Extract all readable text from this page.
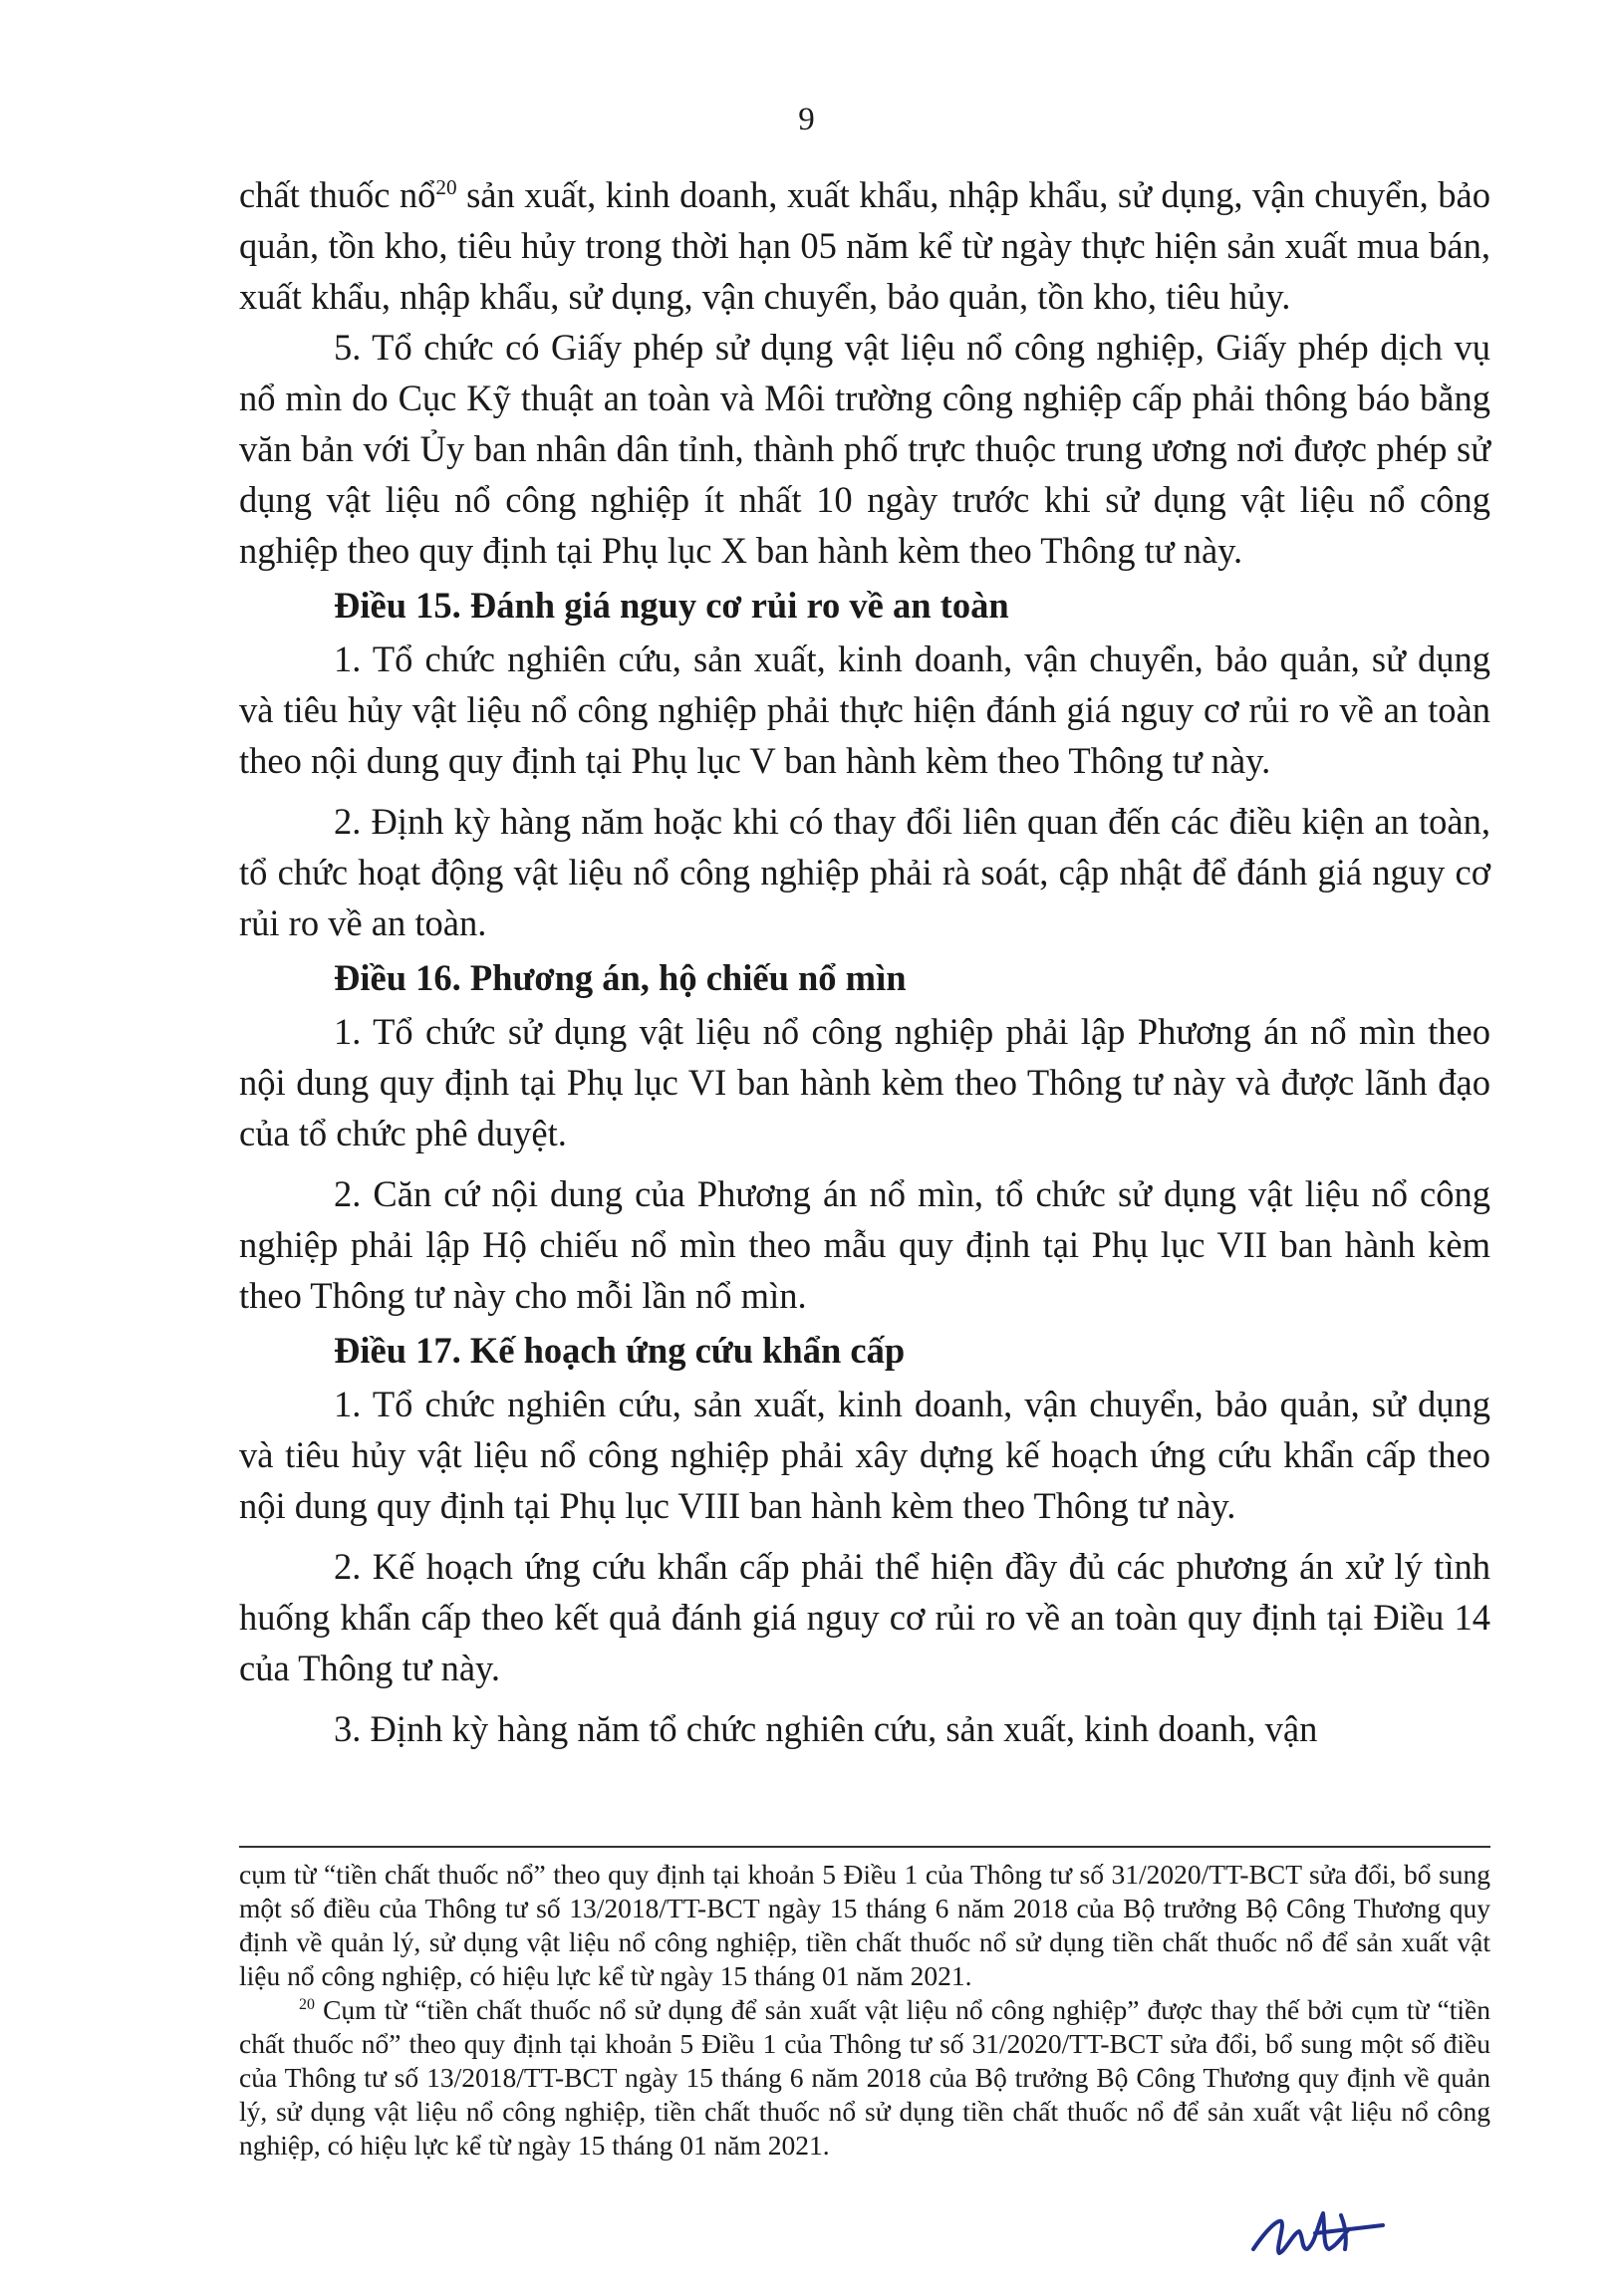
9

chất thuốc nổ$^{20}$ sản xuất, kinh doanh, xuất khẩu, nhập khẩu, sử dụng, vận chuyển, bảo quản, tồn kho, tiêu hủy trong thời hạn 05 năm kể từ ngày thực hiện sản xuất mua bán, xuất khẩu, nhập khẩu, sử dụng, vận chuyển, bảo quản, tồn kho, tiêu hủy.

5. Tổ chức có Giấy phép sử dụng vật liệu nổ công nghiệp, Giấy phép dịch vụ nổ mìn do Cục Kỹ thuật an toàn và Môi trường công nghiệp cấp phải thông báo bằng văn bản với Ủy ban nhân dân tỉnh, thành phố trực thuộc trung ương nơi được phép sử dụng vật liệu nổ công nghiệp ít nhất 10 ngày trước khi sử dụng vật liệu nổ công nghiệp theo quy định tại Phụ lục X ban hành kèm theo Thông tư này.

Điều 15. Đánh giá nguy cơ rủi ro về an toàn

1. Tổ chức nghiên cứu, sản xuất, kinh doanh, vận chuyển, bảo quản, sử dụng và tiêu hủy vật liệu nổ công nghiệp phải thực hiện đánh giá nguy cơ rủi ro về an toàn theo nội dung quy định tại Phụ lục V ban hành kèm theo Thông tư này.

2. Định kỳ hàng năm hoặc khi có thay đổi liên quan đến các điều kiện an toàn, tổ chức hoạt động vật liệu nổ công nghiệp phải rà soát, cập nhật để đánh giá nguy cơ rủi ro về an toàn.

Điều 16. Phương án, hộ chiếu nổ mìn

1. Tổ chức sử dụng vật liệu nổ công nghiệp phải lập Phương án nổ mìn theo nội dung quy định tại Phụ lục VI ban hành kèm theo Thông tư này và được lãnh đạo của tổ chức phê duyệt.

2. Căn cứ nội dung của Phương án nổ mìn, tổ chức sử dụng vật liệu nổ công nghiệp phải lập Hộ chiếu nổ mìn theo mẫu quy định tại Phụ lục VII ban hành kèm theo Thông tư này cho mỗi lần nổ mìn.

Điều 17. Kế hoạch ứng cứu khẩn cấp

1. Tổ chức nghiên cứu, sản xuất, kinh doanh, vận chuyển, bảo quản, sử dụng và tiêu hủy vật liệu nổ công nghiệp phải xây dựng kế hoạch ứng cứu khẩn cấp theo nội dung quy định tại Phụ lục VIII ban hành kèm theo Thông tư này.

2. Kế hoạch ứng cứu khẩn cấp phải thể hiện đầy đủ các phương án xử lý tình huống khẩn cấp theo kết quả đánh giá nguy cơ rủi ro về an toàn quy định tại Điều 14 của Thông tư này.

3. Định kỳ hàng năm tổ chức nghiên cứu, sản xuất, kinh doanh, vận

cụm từ “tiền chất thuốc nổ” theo quy định tại khoản 5 Điều 1 của Thông tư số 31/2020/TT-BCT sửa đổi, bổ sung một số điều của Thông tư số 13/2018/TT-BCT ngày 15 tháng 6 năm 2018 của Bộ trưởng Bộ Công Thương quy định về quản lý, sử dụng vật liệu nổ công nghiệp, tiền chất thuốc nổ sử dụng tiền chất thuốc nổ để sản xuất vật liệu nổ công nghiệp, có hiệu lực kể từ ngày 15 tháng 01 năm 2021.

$^{20}$ Cụm từ “tiền chất thuốc nổ sử dụng để sản xuất vật liệu nổ công nghiệp” được thay thế bởi cụm từ “tiền chất thuốc nổ” theo quy định tại khoản 5 Điều 1 của Thông tư số 31/2020/TT-BCT sửa đổi, bổ sung một số điều của Thông tư số 13/2018/TT-BCT ngày 15 tháng 6 năm 2018 của Bộ trưởng Bộ Công Thương quy định về quản lý, sử dụng vật liệu nổ công nghiệp, tiền chất thuốc nổ sử dụng tiền chất thuốc nổ để sản xuất vật liệu nổ công nghiệp, có hiệu lực kể từ ngày 15 tháng 01 năm 2021.
